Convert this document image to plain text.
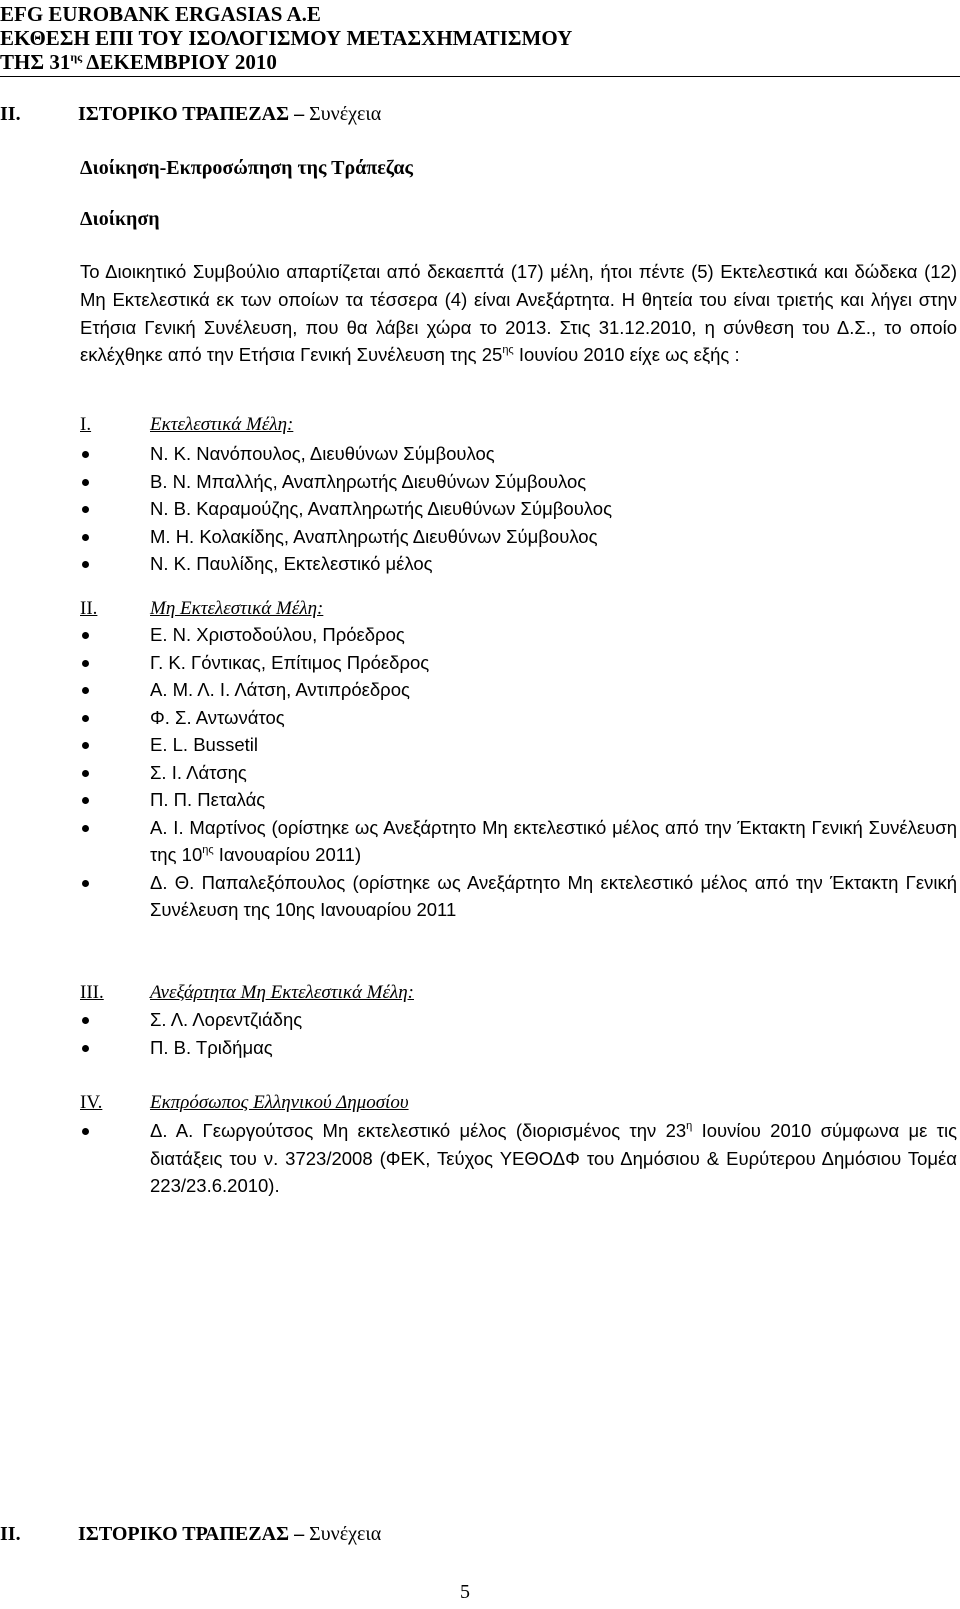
EFG EUROBANK ERGASIAS A.E
ΕΚΘΕΣΗ ΕΠΙ ΤΟΥ ΙΣΟΛΟΓΙΣΜΟΥ ΜΕΤΑΣΧΗΜΑΤΙΣΜΟΥ
ΤΗΣ $31^{\eta\varsigma}$ ΔΕΚΕΜΒΡΙΟΥ 2010
ΙΙ.	ΙΣΤΟΡΙΚΟ ΤΡΑΠΕΖΑΣ – Συνέχεια
Διοίκηση-Εκπροσώπηση της Τράπεζας
Διοίκηση
Το Διοικητικό Συμβούλιο απαρτίζεται από δεκαεπτά (17) μέλη, ήτοι πέντε (5) Εκτελεστικά και δώδεκα (12) Μη Εκτελεστικά εκ των οποίων τα τέσσερα (4) είναι Ανεξάρτητα. Η θητεία του είναι τριετής και λήγει στην Ετήσια Γενική Συνέλευση, που θα λάβει χώρα το 2013. Στις 31.12.2010, η σύνθεση του Δ.Σ., το οποίο εκλέχθηκε από την Ετήσια Γενική Συνέλευση της $25^{\eta\varsigma}$ Ιουνίου 2010 είχε ως εξής :
Ι.	Εκτελεστικά Μέλη:
Ν. Κ. Νανόπουλος, Διευθύνων Σύμβουλος
Β. Ν. Μπαλλής, Αναπληρωτής Διευθύνων Σύμβουλος
Ν. Β. Καραμούζης, Αναπληρωτής Διευθύνων Σύμβουλος
Μ. Η. Κολακίδης, Αναπληρωτής Διευθύνων Σύμβουλος
Ν. Κ. Παυλίδης, Εκτελεστικό μέλος
ΙΙ.	Μη Εκτελεστικά Μέλη:
Ε. Ν. Χριστοδούλου, Πρόεδρος
Γ. Κ. Γόντικας, Επίτιμος Πρόεδρος
Α. Μ. Λ. Ι. Λάτση, Αντιπρόεδρος
Φ. Σ. Αντωνάτος
E. L. Bussetil
Σ. Ι. Λάτσης
Π. Π. Πεταλάς
Α. Ι. Μαρτίνος (ορίστηκε ως Ανεξάρτητο Μη εκτελεστικό μέλος από την Έκτακτη Γενική Συνέλευση της $10^{\eta\varsigma}$ Ιανουαρίου 2011)
Δ. Θ. Παπαλεξόπουλος (ορίστηκε ως Ανεξάρτητο Μη εκτελεστικό μέλος από την Έκτακτη Γενική Συνέλευση της 10ης Ιανουαρίου 2011
ΙΙΙ. Ανεξάρτητα Μη Εκτελεστικά Μέλη:
Σ. Λ. Λορεντζιάδης
Π. Β. Τριδήμας
IV.	Εκπρόσωπος Ελληνικού Δημοσίου
Δ. Α. Γεωργούτσος Μη εκτελεστικό μέλος (διορισμένος την $23^\eta$ Ιουνίου 2010 σύμφωνα με τις διατάξεις του ν. 3723/2008 (ΦΕΚ, Τεύχος ΥΕΘΟΔΦ του Δημόσιου & Ευρύτερου Δημόσιου Τομέα 223/23.6.2010).
ΙΙ.	ΙΣΤΟΡΙΚΟ ΤΡΑΠΕΖΑΣ – Συνέχεια
5
